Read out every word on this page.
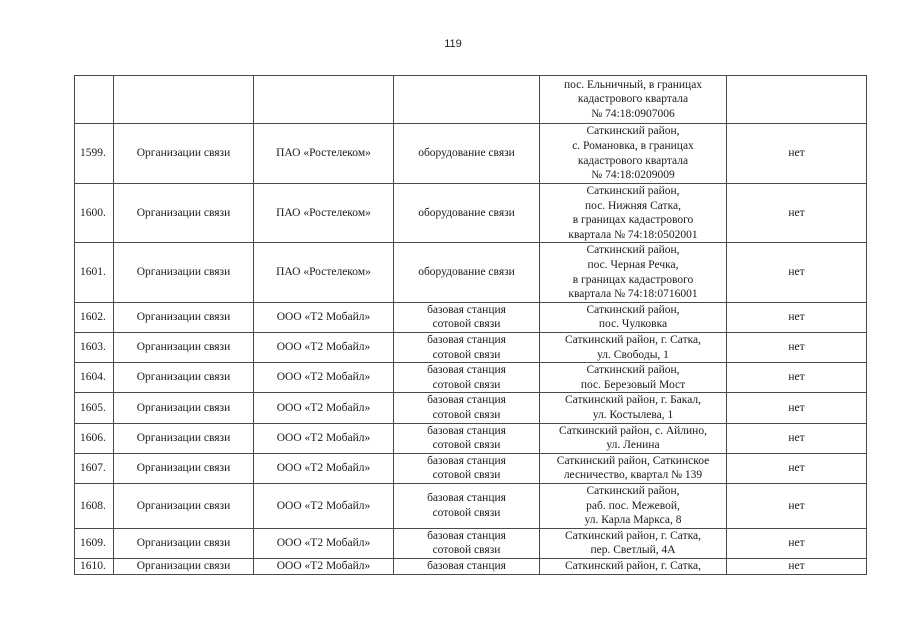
119

				пос. Ельничный, в границах
кадастрового квартала
№ 74:18:0907006	

1599.	Организации связи	ПАО «Ростелеком»	оборудование связи	Саткинский район,
с. Романовка, в границах
кадастрового квартала
№ 74:18:0209009	нет
1600.	Организации связи	ПАО «Ростелеком»	оборудование связи	Саткинский район,
пос. Нижняя Сатка,
в границах кадастрового
квартала № 74:18:0502001	нет
1601.	Организации связи	ПАО «Ростелеком»	оборудование связи	Саткинский район,
пос. Черная Речка,
в границах кадастрового
квартала № 74:18:0716001	нет
1602.	Организации связи	ООО «Т2 Мобайл»	базовая станция
сотовой связи	Саткинский район,
пос. Чулковка	нет
1603.	Организации связи	ООО «Т2 Мобайл»	базовая станция
сотовой связи	Саткинский район, г. Сатка,
ул. Свободы, 1	нет
1604.	Организации связи	ООО «Т2 Мобайл»	базовая станция
сотовой связи	Саткинский район,
пос. Березовый Мост	нет
1605.	Организации связи	ООО «Т2 Мобайл»	базовая станция
сотовой связи	Саткинский район, г. Бакал,
ул. Костылева, 1	нет
1606.	Организации связи	ООО «Т2 Мобайл»	базовая станция
сотовой связи	Саткинский район, с. Айлино,
ул. Ленина	нет
1607.	Организации связи	ООО «Т2 Мобайл»	базовая станция
сотовой связи	Саткинский район, Саткинское
лесничество, квартал № 139	нет
1608.	Организации связи	ООО «Т2 Мобайл»	базовая станция
сотовой связи	Саткинский район,
раб. пос. Межевой,
ул. Карла Маркса, 8	нет
1609.	Организации связи	ООО «Т2 Мобайл»	базовая станция
сотовой связи	Саткинский район, г. Сатка,
пер. Светлый, 4А	нет
1610.	Организации связи	ООО «Т2 Мобайл»	базовая станция	Саткинский район, г. Сатка,	нет
